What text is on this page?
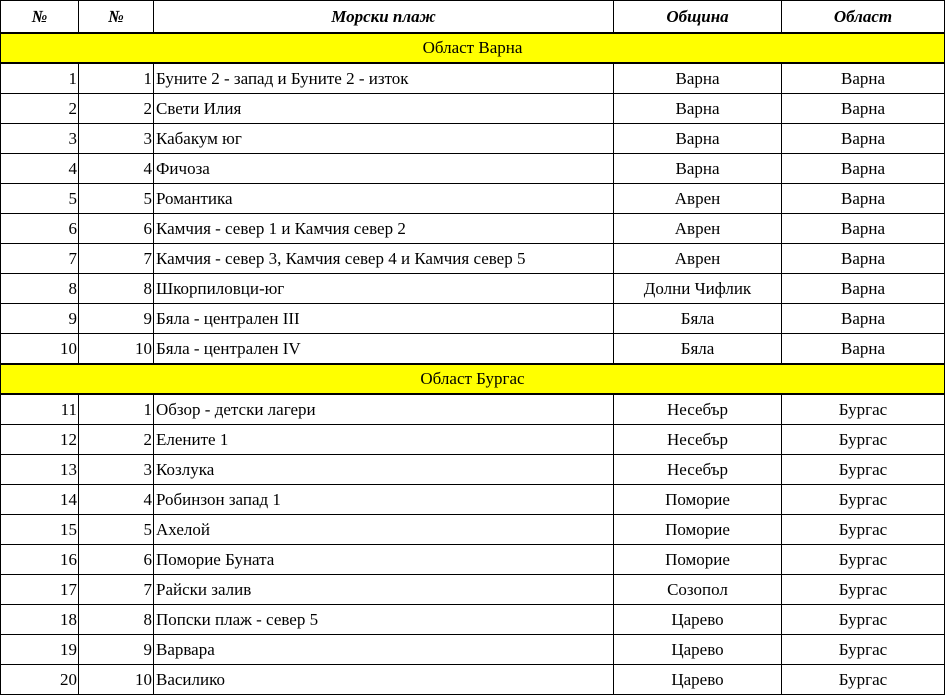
№	№	Морски плаж	Община	Област
Област Варна				
1	1	Буните 2 - запад и Буните 2 - изток	Варна	Варна
2	2	Свети Илия	Варна	Варна
3	3	Кабакум юг	Варна	Варна
4	4	Фичоза	Варна	Варна
5	5	Романтика	Аврен	Варна
6	6	Камчия - север 1 и Камчия север 2	Аврен	Варна
7	7	Камчия - север 3, Камчия север 4 и Камчия север 5	Аврен	Варна
8	8	Шкорпиловци-юг	Долни Чифлик	Варна
9	9	Бяла - централен III	Бяла	Варна
10	10	Бяла - централен IV	Бяла	Варна
Област Бургас				
11	1	Обзор - детски лагери	Несебър	Бургас
12	2	Елените 1	Несебър	Бургас
13	3	Козлука	Несебър	Бургас
14	4	Робинзон запад 1	Поморие	Бургас
15	5	Ахелой	Поморие	Бургас
16	6	Поморие Буната	Поморие	Бургас
17	7	Райски залив	Созопол	Бургас
18	8	Попски плаж - север 5	Царево	Бургас
19	9	Варвара	Царево	Бургас
20	10	Василико	Царево	Бургас
